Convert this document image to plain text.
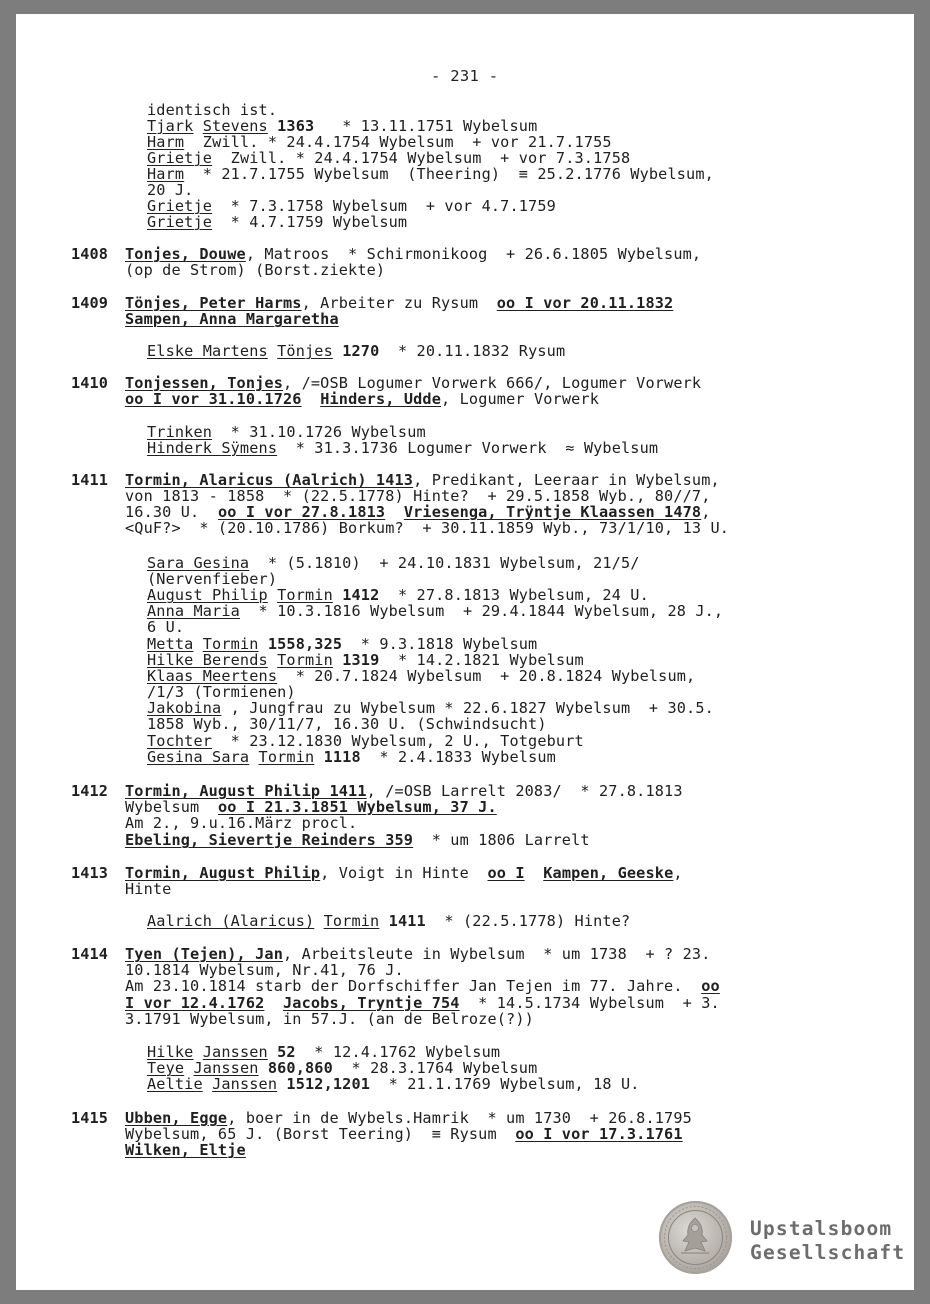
- 231 -
identisch ist.
Tjark Stevens 1363   * 13.11.1751 Wybelsum
Harm  Zwill. * 24.4.1754 Wybelsum  + vor 21.7.1755
Grietje  Zwill. * 24.4.1754 Wybelsum  + vor 7.3.1758
Harm  * 21.7.1755 Wybelsum  (Theering)  ≡ 25.2.1776 Wybelsum,
20 J.
Grietje  * 7.3.1758 Wybelsum  + vor 4.7.1759
Grietje  * 4.7.1759 Wybelsum
1408 Tonjes, Douwe, Matroos  * Schirmonikoog  + 26.6.1805 Wybelsum,
(op de Strom) (Borst.ziekte)
1409 Tönjes, Peter Harms, Arbeiter zu Rysum  oo I vor 20.11.1832
Sampen, Anna Margaretha
Elske Martens Tönjes 1270  * 20.11.1832 Rysum
1410 Tonjessen, Tonjes, /=OSB Logumer Vorwerk 666/, Logumer Vorwerk
oo I vor 31.10.1726 Hinders, Udde, Logumer Vorwerk
Trinken  * 31.10.1726 Wybelsum
Hinderk Sÿmens  * 31.3.1736 Logumer Vorwerk  ≈ Wybelsum
1411 Tormin, Alaricus (Aalrich) 1413, Predikant, Leeraar in Wybelsum,
von 1813 - 1858  * (22.5.1778) Hinte?  + 29.5.1858 Wyb., 80//7,
16.30 U.  oo I vor 27.8.1813 Vriesenga, Trÿntje Klaassen 1478,
<QuF?>  * (20.10.1786) Borkum?  + 30.11.1859 Wyb., 73/1/10, 13 U.
Sara Gesina  * (5.1810)  + 24.10.1831 Wybelsum, 21/5/
(Nervenfieber)
August Philip Tormin 1412  * 27.8.1813 Wybelsum, 24 U.
Anna Maria  * 10.3.1816 Wybelsum  + 29.4.1844 Wybelsum, 28 J.,
6 U.
Metta Tormin 1558,325  * 9.3.1818 Wybelsum
Hilke Berends Tormin 1319  * 14.2.1821 Wybelsum
Klaas Meertens  * 20.7.1824 Wybelsum  + 20.8.1824 Wybelsum,
/1/3 (Tormienen)
Jakobina , Jungfrau zu Wybelsum * 22.6.1827 Wybelsum  + 30.5.
1858 Wyb., 30/11/7, 16.30 U. (Schwindsucht)
Tochter  * 23.12.1830 Wybelsum, 2 U., Totgeburt
Gesina Sara Tormin 1118  * 2.4.1833 Wybelsum
1412 Tormin, August Philip 1411, /=OSB Larrelt 2083/  * 27.8.1813
Wybelsum  oo I 21.3.1851 Wybelsum, 37 J.
Am 2., 9.u.16.März procl.
Ebeling, Sievertje Reinders 359  * um 1806 Larrelt
1413 Tormin, August Philip, Voigt in Hinte  oo I Kampen, Geeske,
Hinte
Aalrich (Alaricus) Tormin 1411  * (22.5.1778) Hinte?
1414 Tyen (Tejen), Jan, Arbeitsleute in Wybelsum  * um 1738  + ? 23.
10.1814 Wybelsum, Nr.41, 76 J.
Am 23.10.1814 starb der Dorfschiffer Jan Tejen im 77. Jahre.  oo
I vor 12.4.1762 Jacobs, Tryntje 754  * 14.5.1734 Wybelsum  + 3.
3.1791 Wybelsum, in 57.J. (an de Belroze(?))
Hilke Janssen 52  * 12.4.1762 Wybelsum
Teye Janssen 860,860  * 28.3.1764 Wybelsum
Aeltie Janssen 1512,1201  * 21.1.1769 Wybelsum, 18 U.
1415 Ubben, Egge, boer in de Wybels.Hamrik  * um 1730  + 26.8.1795
Wybelsum, 65 J. (Borst Teering)  ≡ Rysum  oo I vor 17.3.1761
Wilken, Eltje
Upstalsboom
Gesellschaft
